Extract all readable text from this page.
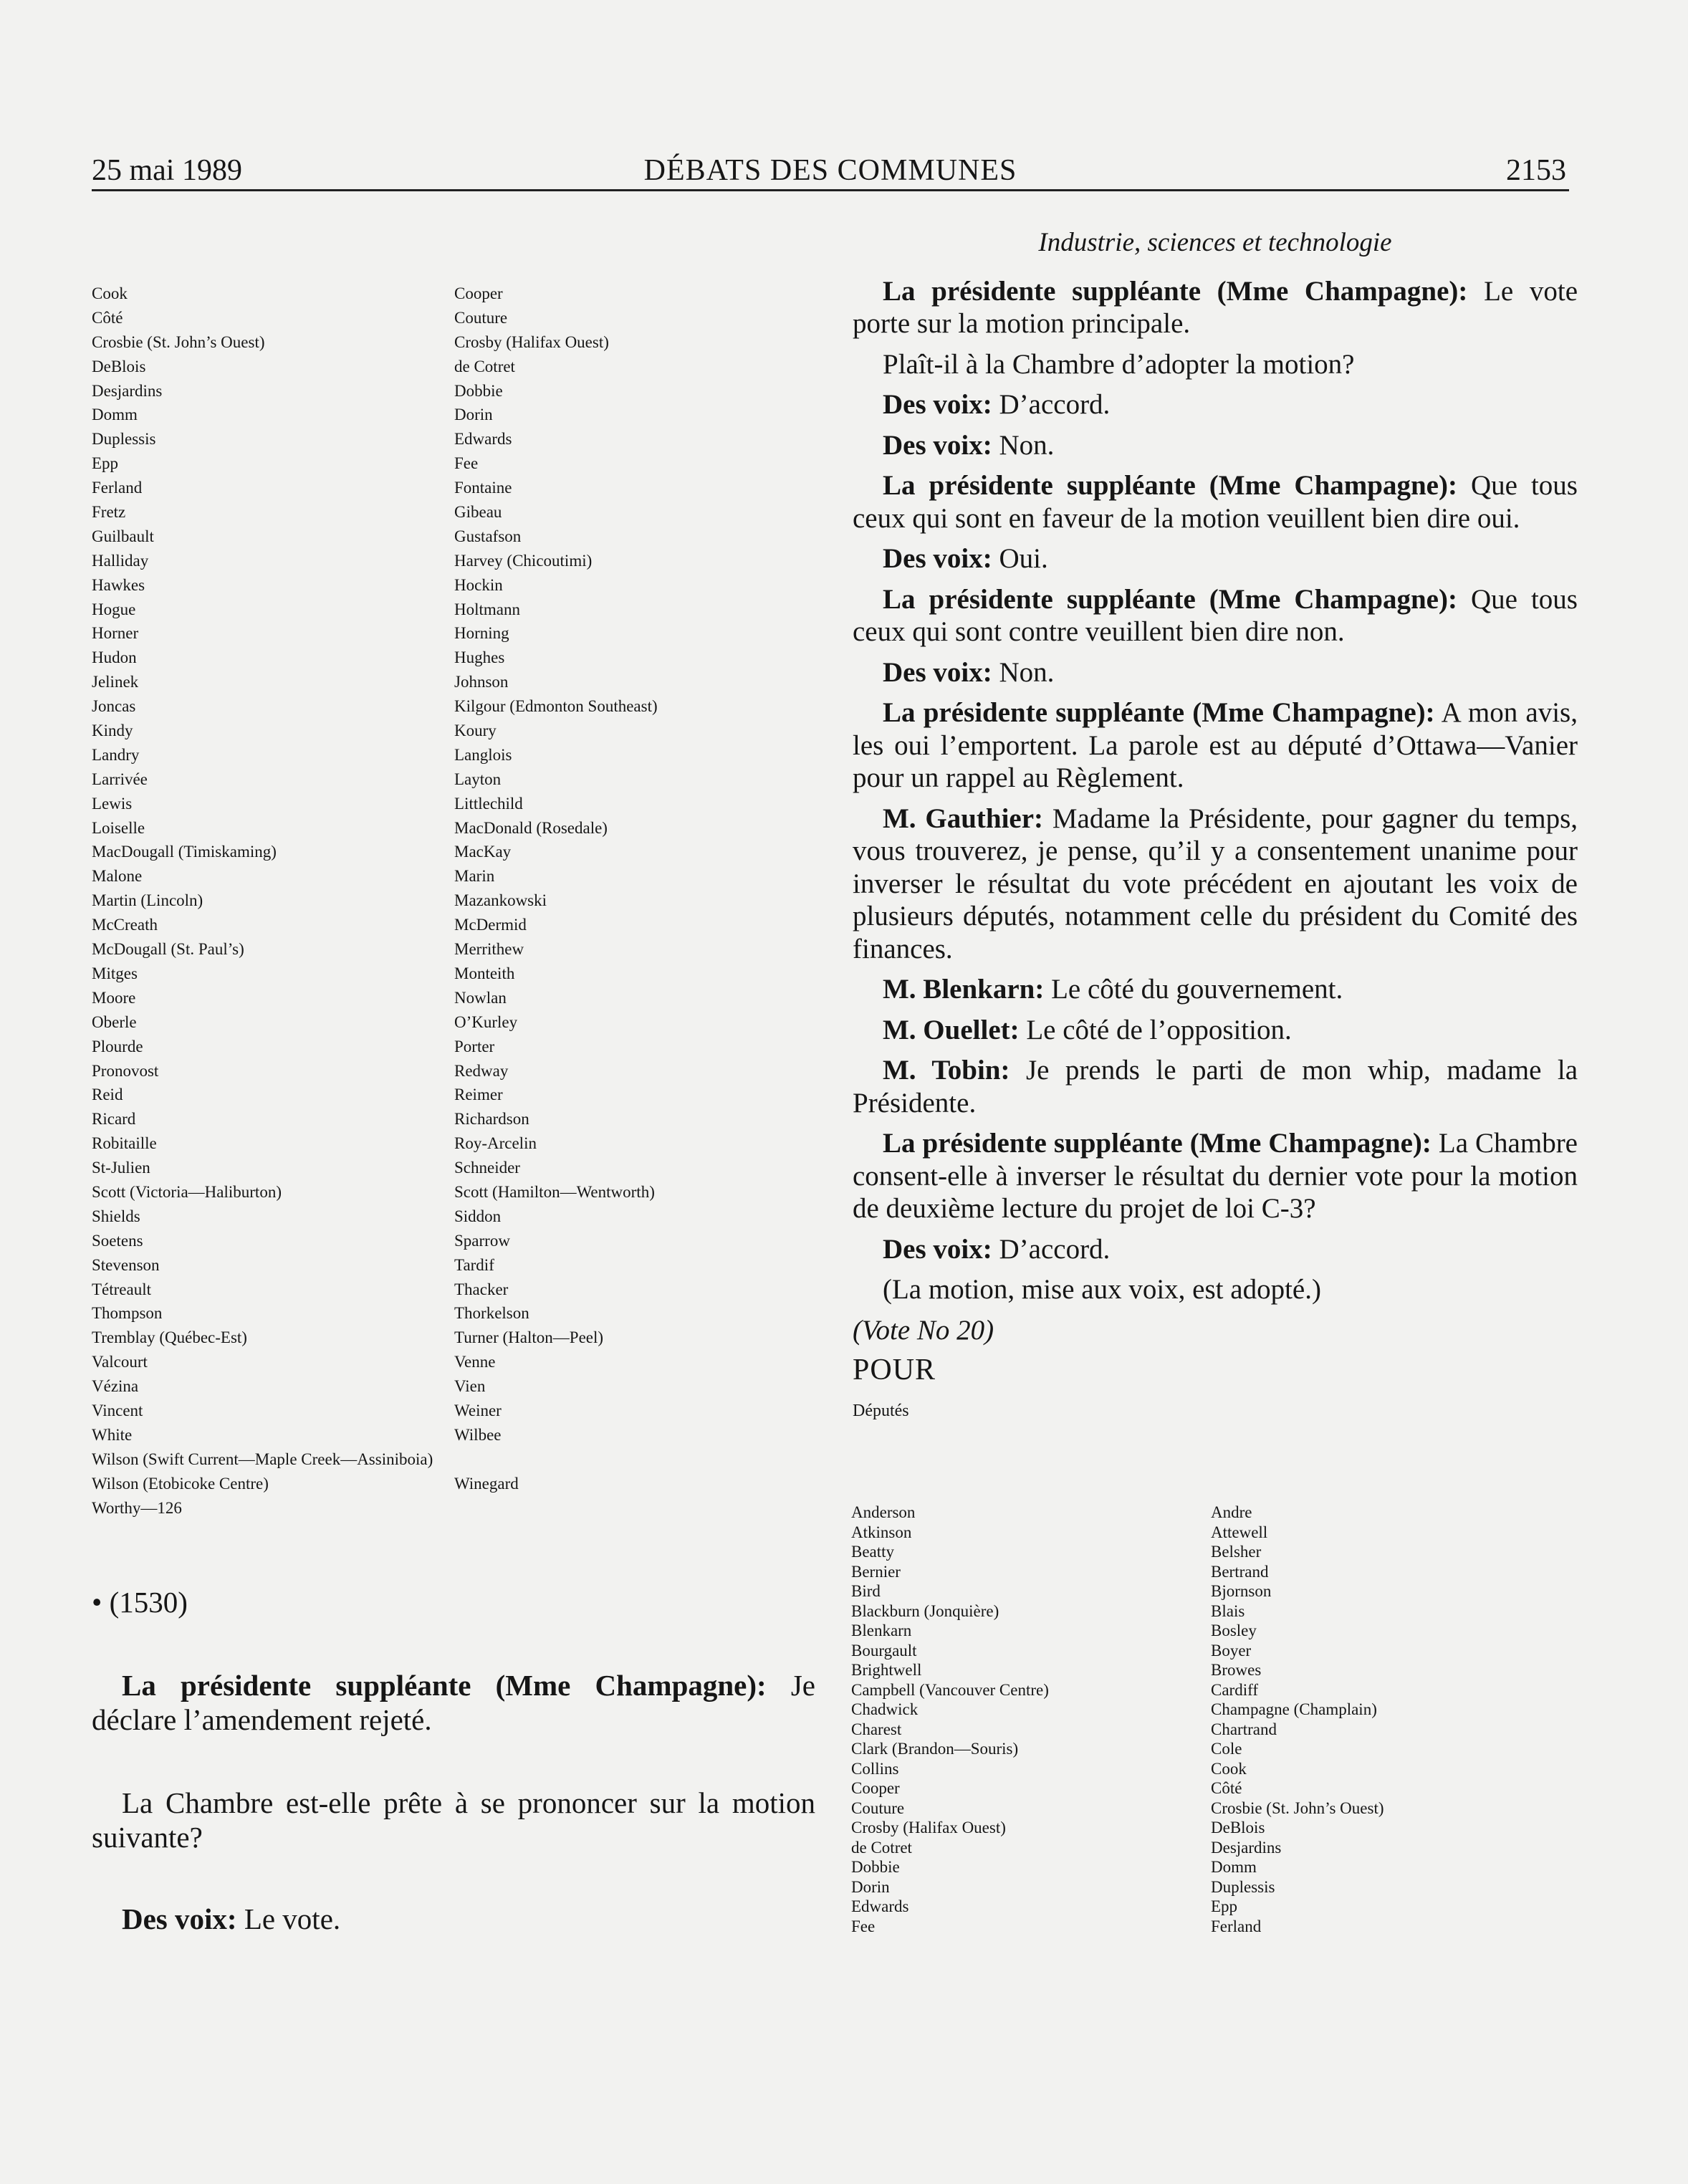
25 mai 1989	DÉBATS DES COMMUNES	2153
Cook
Côté
Crosbie (St. John’s Ouest)
DeBlois
Desjardins
Domm
Duplessis
Epp
Ferland
Fretz
Guilbault
Halliday
Hawkes
Hogue
Horner
Hudon
Jelinek
Joncas
Kindy
Landry
Larrivée
Lewis
Loiselle
MacDougall (Timiskaming)
Malone
Martin (Lincoln)
McCreath
McDougall (St. Paul’s)
Mitges
Moore
Oberle
Plourde
Pronovost
Reid
Ricard
Robitaille
St-Julien
Scott (Victoria—Haliburton)
Shields
Soetens
Stevenson
Tétreault
Thompson
Tremblay (Québec-Est)
Valcourt
Vézina
Vincent
White
Wilson (Swift Current—Maple Creek—Assiniboia)
Wilson (Etobicoke Centre)
Worthy—126
Cooper
Couture
Crosby (Halifax Ouest)
de Cotret
Dobbie
Dorin
Edwards
Fee
Fontaine
Gibeau
Gustafson
Harvey (Chicoutimi)
Hockin
Holtmann
Horning
Hughes
Johnson
Kilgour (Edmonton Southeast)
Koury
Langlois
Layton
Littlechild
MacDonald (Rosedale)
MacKay
Marin
Mazankowski
McDermid
Merrithew
Monteith
Nowlan
O’Kurley
Porter
Redway
Reimer
Richardson
Roy-Arcelin
Schneider
Scott (Hamilton—Wentworth)
Siddon
Sparrow
Tardif
Thacker
Thorkelson
Turner (Halton—Peel)
Venne
Vien
Weiner
Wilbee
Winegard

• (1530)

La présidente suppléante (Mme Champagne): Je déclare l’amendement rejeté.

La Chambre est-elle prête à se prononcer sur la motion suivante?

Des voix: Le vote.

Industrie, sciences et technologie

La présidente suppléante (Mme Champagne): Le vote porte sur la motion principale.

Plaît-il à la Chambre d’adopter la motion?

Des voix: D’accord.

Des voix: Non.

La présidente suppléante (Mme Champagne): Que tous ceux qui sont en faveur de la motion veuillent bien dire oui.

Des voix: Oui.

La présidente suppléante (Mme Champagne): Que tous ceux qui sont contre veuillent bien dire non.

Des voix: Non.

La présidente suppléante (Mme Champagne): A mon avis, les oui l’emportent. La parole est au député d’Ottawa—Vanier pour un rappel au Règlement.

M. Gauthier: Madame la Présidente, pour gagner du temps, vous trouverez, je pense, qu’il y a consentement unanime pour inverser le résultat du vote précédent en ajoutant les voix de plusieurs députés, notamment celle du président du Comité des finances.

M. Blenkarn: Le côté du gouvernement.

M. Ouellet: Le côté de l’opposition.

M. Tobin: Je prends le parti de mon whip, madame la Présidente.

La présidente suppléante (Mme Champagne): La Chambre consent-elle à inverser le résultat du dernier vote pour la motion de deuxième lecture du projet de loi C-3?

Des voix: D’accord.

(La motion, mise aux voix, est adopté.)

(Vote No 20)

POUR

Députés

Anderson
Atkinson
Beatty
Bernier
Bird
Blackburn (Jonquière)
Blenkarn
Bourgault
Brightwell
Campbell (Vancouver Centre)
Chadwick
Charest
Clark (Brandon—Souris)
Collins
Cooper
Couture
Crosby (Halifax Ouest)
de Cotret
Dobbie
Dorin
Edwards
Fee
Andre
Attewell
Belsher
Bertrand
Bjornson
Blais
Bosley
Boyer
Browes
Cardiff
Champagne (Champlain)
Chartrand
Cole
Cook
Côté
Crosbie (St. John’s Ouest)
DeBlois
Desjardins
Domm
Duplessis
Epp
Ferland
